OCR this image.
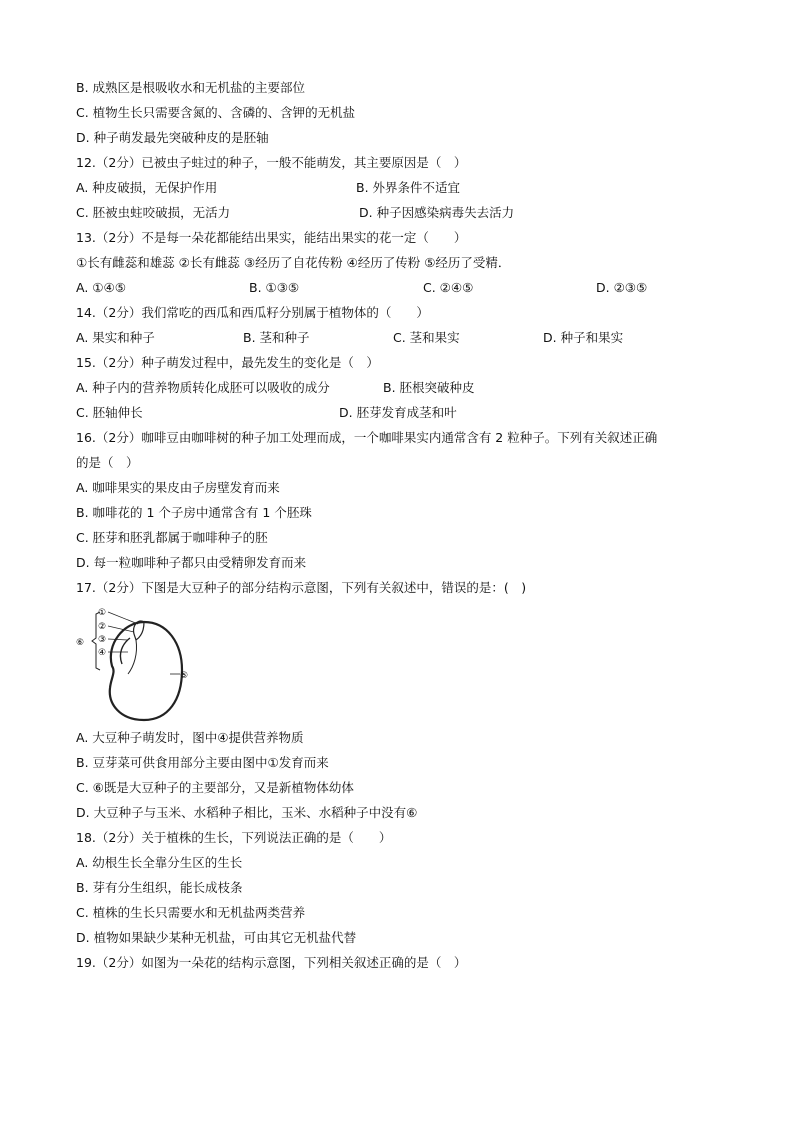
B. 成熟区是根吸收水和无机盐的主要部位
C. 植物生长只需要含氮的、含磷的、含钾的无机盐
D. 种子萌发最先突破种皮的是胚轴
12.（2分）已被虫子蛀过的种子，一般不能萌发，其主要原因是（　）
A. 种皮破损，无保护作用	B. 外界条件不适宜
C. 胚被虫蛀咬破损，无活力	D. 种子因感染病毒失去活力
13.（2分）不是每一朵花都能结出果实，能结出果实的花一定（　　）
①长有雌蕊和雄蕊 ②长有雌蕊 ③经历了自花传粉 ④经历了传粉 ⑤经历了受精．
A. ①④⑤	B. ①③⑤	C. ②④⑤	D. ②③⑤
14.（2分）我们常吃的西瓜和西瓜籽分别属于植物体的（　　）
A. 果实和种子	B. 茎和种子	C. 茎和果实	D. 种子和果实
15.（2分）种子萌发过程中，最先发生的变化是（　）
A. 种子内的营养物质转化成胚可以吸收的成分	B. 胚根突破种皮
C. 胚轴伸长	D. 胚芽发育成茎和叶
16.（2分）咖啡豆由咖啡树的种子加工处理而成，一个咖啡果实内通常含有 2 粒种子。下列有关叙述正确
的是（　）
A. 咖啡果实的果皮由子房壁发育而来
B. 咖啡花的 1 个子房中通常含有 1 个胚珠
C. 胚芽和胚乳都属于咖啡种子的胚
D. 每一粒咖啡种子都只由受精卵发育而来
17.（2分）下图是大豆种子的部分结构示意图，下列有关叙述中，错误的是：(　)
①
②
③
④
⑤
⑥
A. 大豆种子萌发时，图中④提供营养物质
B. 豆芽菜可供食用部分主要由图中①发育而来
C. ⑥既是大豆种子的主要部分，又是新植物体幼体
D. 大豆种子与玉米、水稻种子相比，玉米、水稻种子中没有⑥
18.（2分）关于植株的生长，下列说法正确的是（　　）
A. 幼根生长全靠分生区的生长
B. 芽有分生组织，能长成枝条
C. 植株的生长只需要水和无机盐两类营养
D. 植物如果缺少某种无机盐，可由其它无机盐代替
19.（2分）如图为一朵花的结构示意图，下列相关叙述正确的是（　）
